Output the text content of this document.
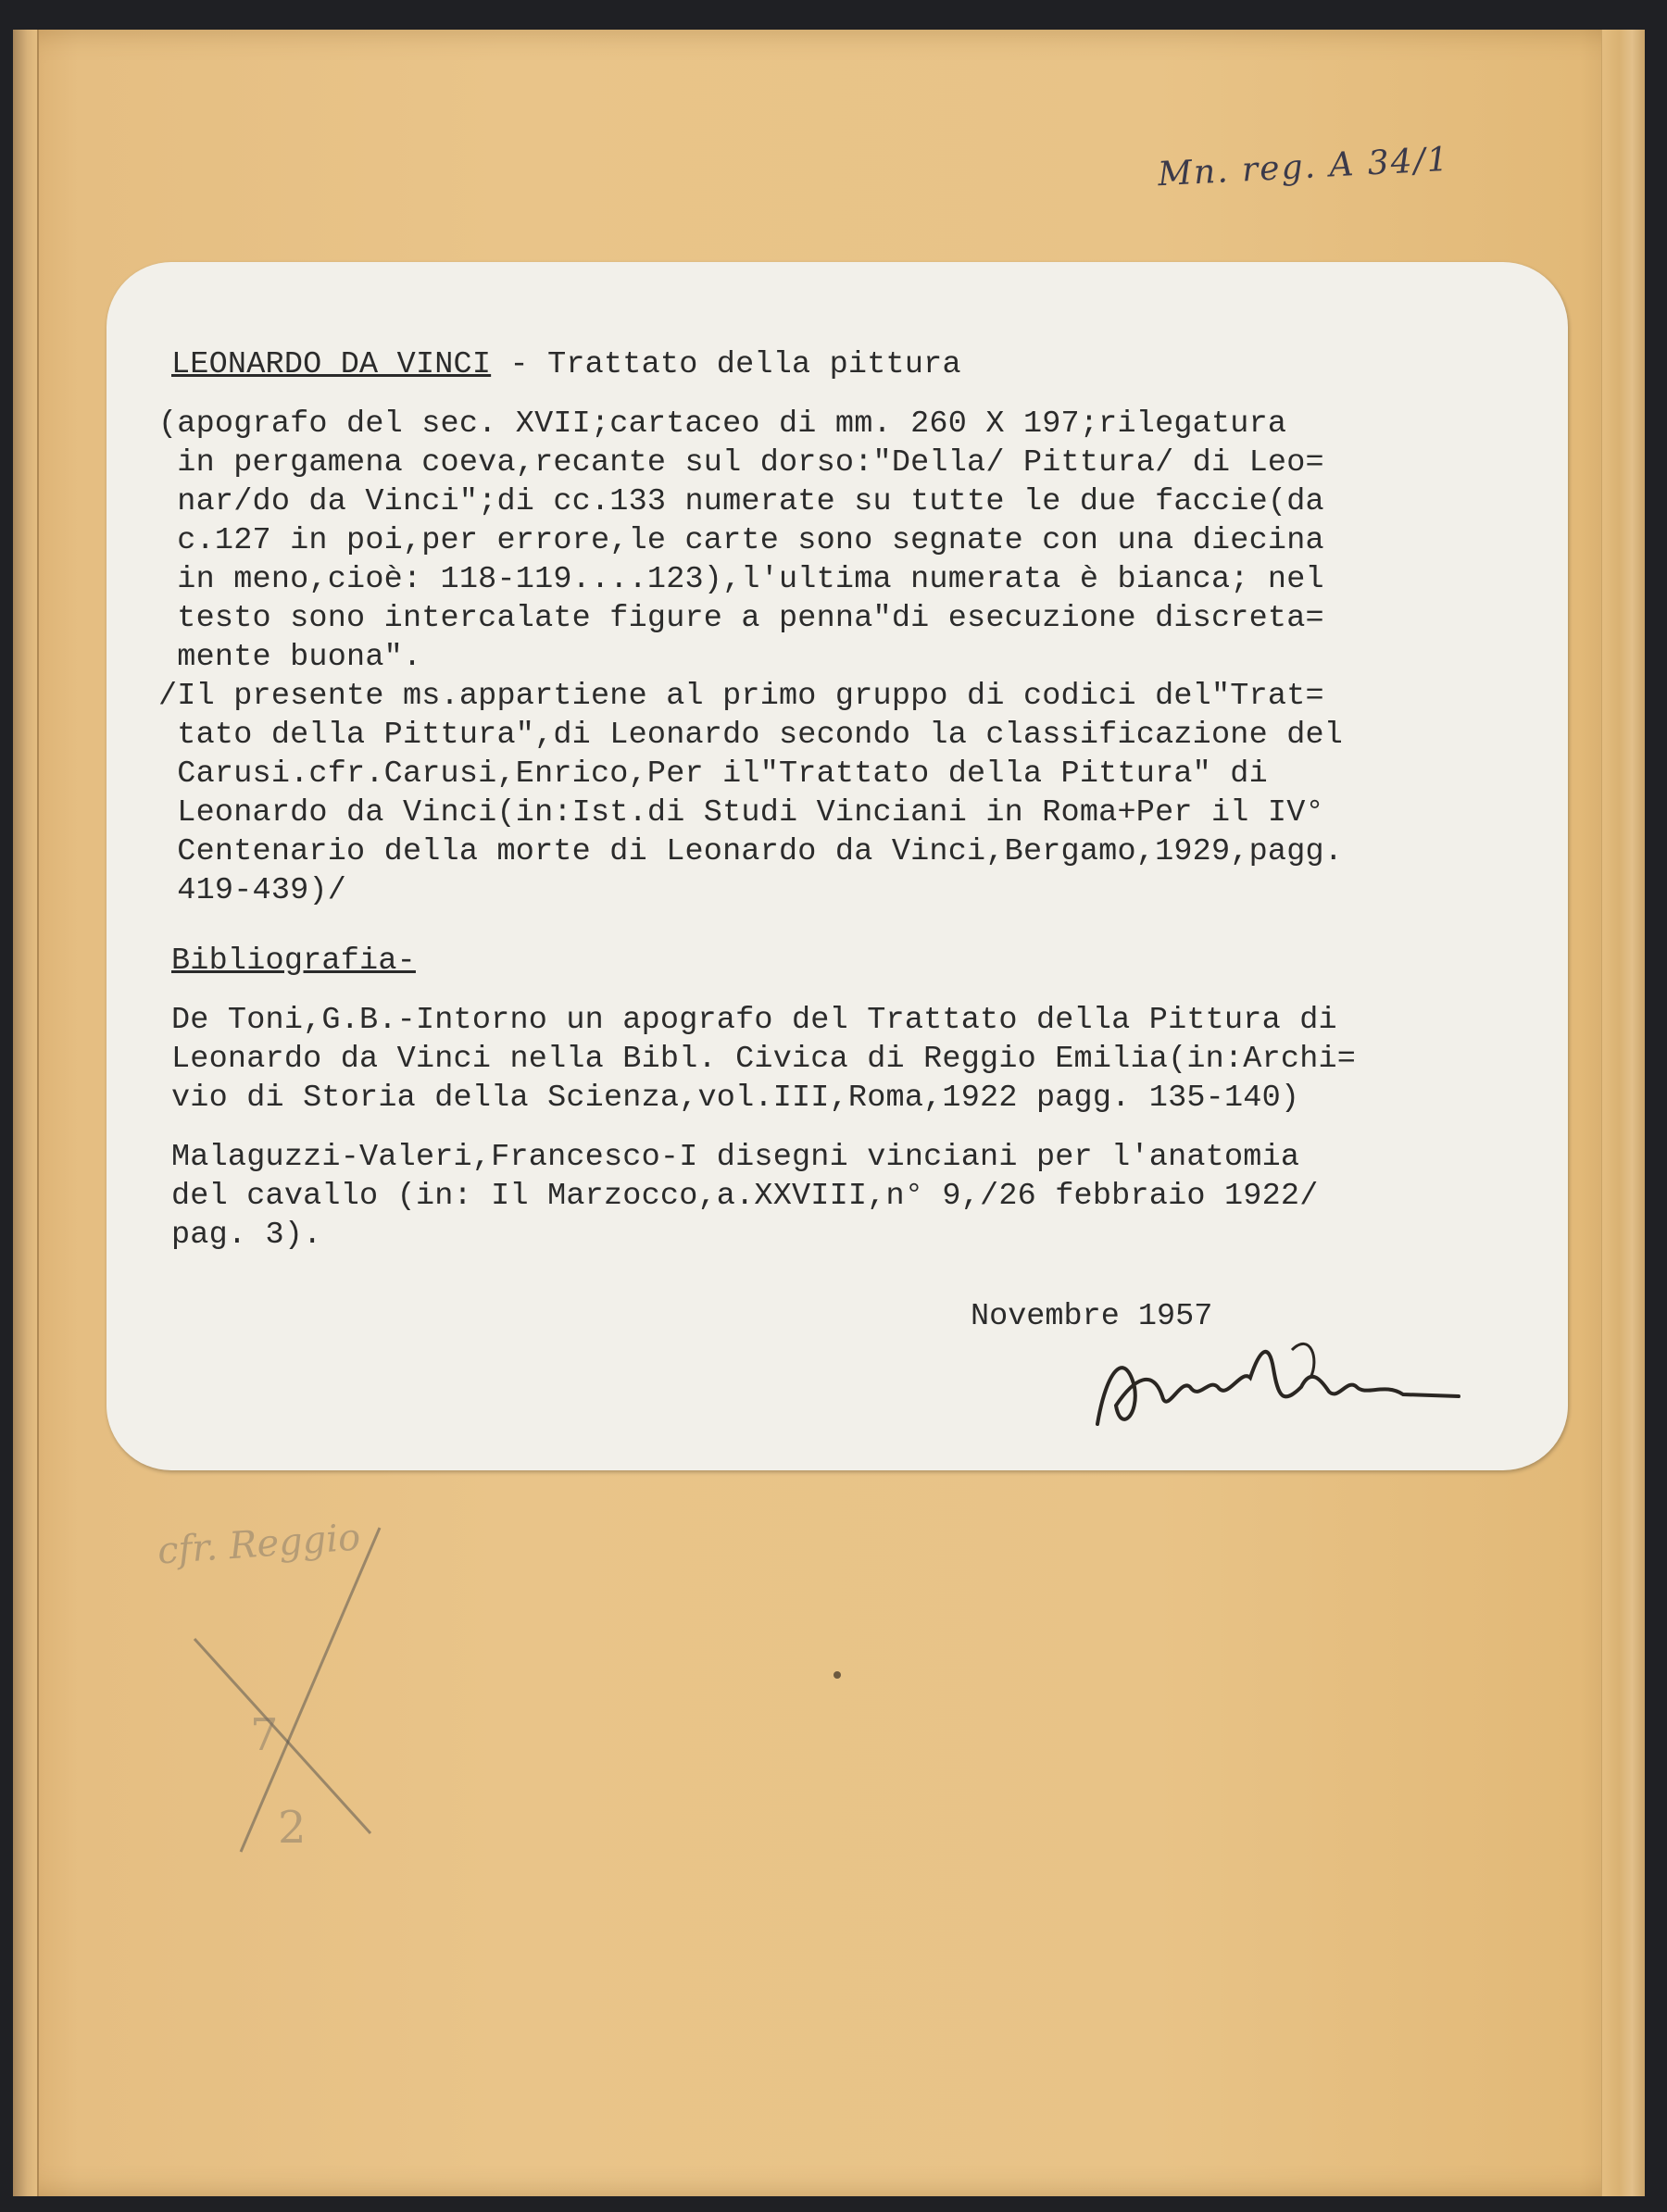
Mn. reg. A 34/1
LEONARDO DA VINCI - Trattato della pittura
(apografo del sec. XVII;cartaceo di mm. 260 X 197;rilegatura
in pergamena coeva,recante sul dorso:"Della/ Pittura/ di Leo=
nar/do da Vinci";di cc.133 numerate su tutte le due faccie(da
c.127 in poi,per errore,le carte sono segnate con una diecina
in meno,cioè: 118-119....123),l'ultima numerata è bianca; nel
testo sono intercalate figure a penna"di esecuzione discreta=
mente buona".
/Il presente ms.appartiene al primo gruppo di codici del"Trat=
tato della Pittura",di Leonardo secondo la classificazione del
Carusi.cfr.Carusi,Enrico,Per il"Trattato della Pittura" di
Leonardo da Vinci(in:Ist.di Studi Vinciani in Roma+Per il IV°
Centenario della morte di Leonardo da Vinci,Bergamo,1929,pagg.
419-439)/
Bibliografia-
De Toni,G.B.-Intorno un apografo del Trattato della Pittura di
Leonardo da Vinci nella Bibl. Civica di Reggio Emilia(in:Archi=
vio di Storia della Scienza,vol.III,Roma,1922 pagg. 135-140)
Malaguzzi-Valeri,Francesco-I disegni vinciani per l'anatomia
del cavallo (in: Il Marzocco,a.XXVIII,n° 9,/26 febbraio 1922/
pag. 3).
Novembre 1957
cfr. Reggio
7
2
